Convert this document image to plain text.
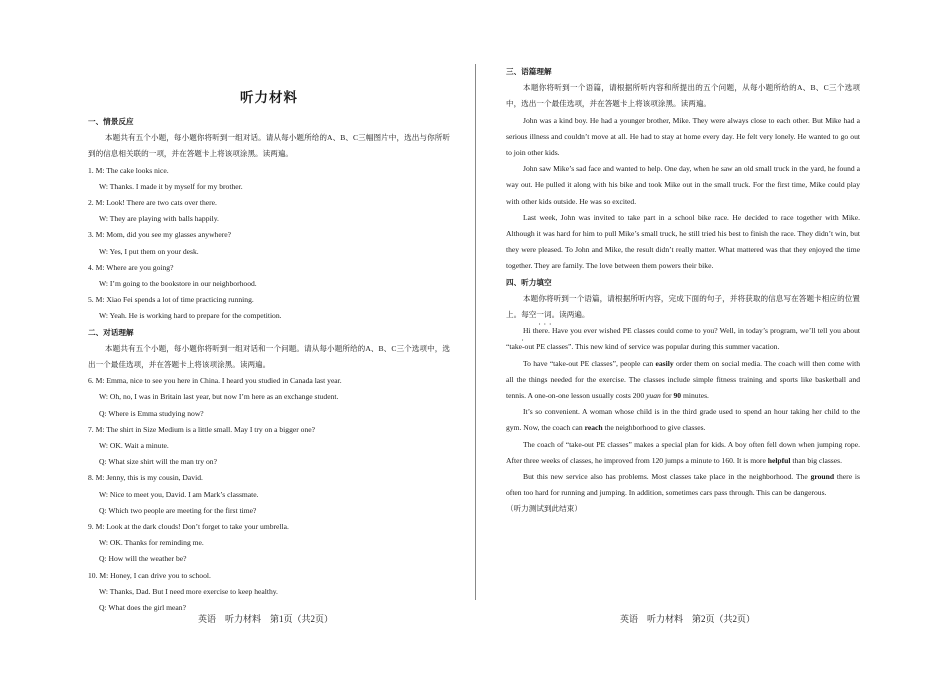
听力材料
一、情景反应
本题共有五个小题，每小题你将听到一组对话。请从每小题所给的A、B、C三幅图片中，选出与你所听到的信息相关联的一项，并在答题卡上将该项涂黑。读两遍。
1. M: The cake looks nice.
W: Thanks. I made it by myself for my brother.
2. M: Look! There are two cats over there.
W: They are playing with balls happily.
3. M: Mom, did you see my glasses anywhere?
W: Yes, I put them on your desk.
4. M: Where are you going?
W: I’m going to the bookstore in our neighborhood.
5. M: Xiao Fei spends a lot of time practicing running.
W: Yeah. He is working hard to prepare for the competition.
二、对话理解
本题共有五个小题，每小题你将听到一组对话和一个问题。请从每小题所给的A、B、C三个选项中，选出一个最佳选项，并在答题卡上将该项涂黑。读两遍。
6. M: Emma, nice to see you here in China. I heard you studied in Canada last year.
W: Oh, no, I was in Britain last year, but now I’m here as an exchange student.
Q: Where is Emma studying now?
7. M: The shirt in Size Medium is a little small. May I try on a bigger one?
W: OK. Wait a minute.
Q: What size shirt will the man try on?
8. M: Jenny, this is my cousin, David.
W: Nice to meet you, David. I am Mark’s classmate.
Q: Which two people are meeting for the first time?
9. M: Look at the dark clouds! Don’t forget to take your umbrella.
W: OK. Thanks for reminding me.
Q: How will the weather be?
10. M: Honey, I can drive you to school.
W: Thanks, Dad. But I need more exercise to keep healthy.
Q: What does the girl mean?
三、语篇理解
本题你将听到一个语篇，请根据所听内容和所提出的五个问题，从每小题所给的A、B、C三个选项中，选出一个最佳选项，并在答题卡上将该项涂黑。读两遍。
John was a kind boy. He had a younger brother, Mike. They were always close to each other. But Mike had a serious illness and couldn’t move at all. He had to stay at home every day. He felt very lonely. He wanted to go out to join other kids.
John saw Mike’s sad face and wanted to help. One day, when he saw an old small truck in the yard, he found a way out. He pulled it along with his bike and took Mike out in the small truck. For the first time, Mike could play with other kids outside. He was so excited.
Last week, John was invited to take part in a school bike race. He decided to race together with Mike. Although it was hard for him to pull Mike’s small truck, he still tried his best to finish the race. They didn’t win, but they were pleased. To John and Mike, the result didn’t really matter. What mattered was that they enjoyed the time together. They are family. The love between them powers their bike.
四、听力填空
本题你将听到一个语篇，请根据所听内容，完成下面的句子，并将获取的信息写在答题卡相应的位置上。每空一词 · · 。读两遍。
Hi there. Have you ever wished PE classes could come to you? Well, in today’s program, we’ll tell you about “take-out PE classes”. This new kind of service was popular during this summer vacation.
To have “take-out PE classes”, people can easily order them on social media. The coach will then come with all the things needed for the exercise. The classes include simple fitness training and sports like basketball and tennis. A one-on-one lesson usually costs 200 yuan for 90 minutes.
It’s so convenient. A woman whose child is in the third grade used to spend an hour taking her child to the gym. Now, the coach can reach the neighborhood to give classes.
The coach of “take-out PE classes” makes a special plan for kids. A boy often fell down when jumping rope. After three weeks of classes, he improved from 120 jumps a minute to 160. It is more helpful than big classes.
But this new service also has problems. Most classes take place in the neighborhood. The ground there is often too hard for running and jumping. In addition, sometimes cars pass through. This can be dangerous.
（听力测试到此结束）
英语　听力材料　第1页（共2页）	英语　听力材料　第2页（共2页）
